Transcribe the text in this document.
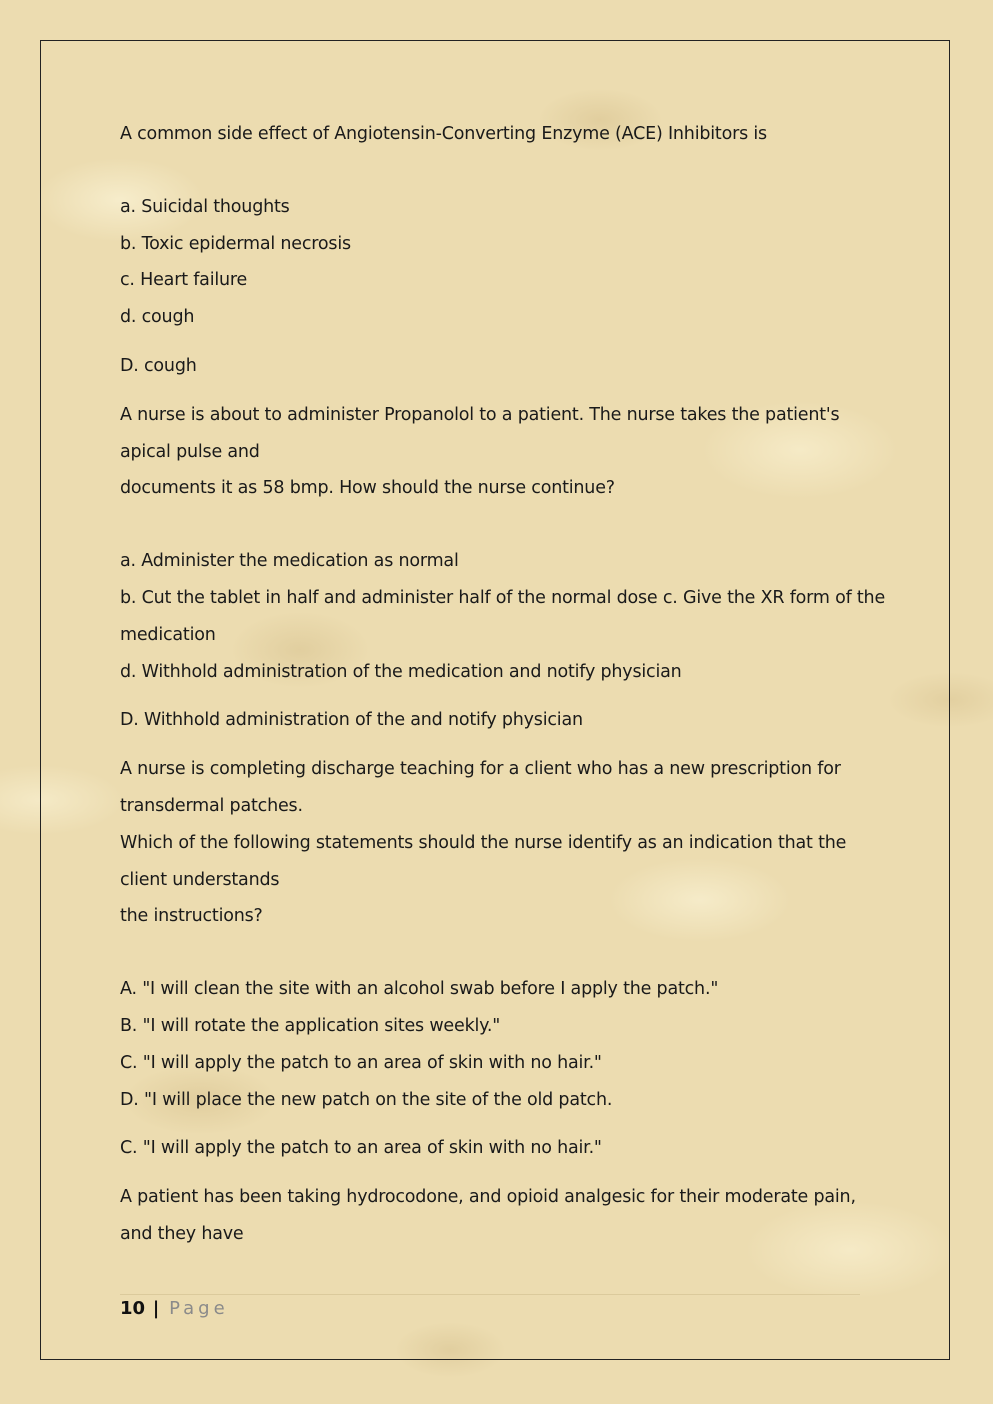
A common side effect of Angiotensin-Converting Enzyme (ACE) Inhibitors is
a. Suicidal thoughts
b. Toxic epidermal necrosis
c. Heart failure
d. cough
D. cough
A nurse is about to administer Propanolol to a patient. The nurse takes the patient's
apical pulse and
documents it as 58 bmp. How should the nurse continue?
a. Administer the medication as normal
b. Cut the tablet in half and administer half of the normal dose c. Give the XR form of the
medication
d. Withhold administration of the medication and notify physician
D. Withhold administration of the and notify physician
A nurse is completing discharge teaching for a client who has a new prescription for
transdermal patches.
Which of the following statements should the nurse identify as an indication that the
client understands
the instructions?
A. "I will clean the site with an alcohol swab before I apply the patch."
B. "I will rotate the application sites weekly."
C. "I will apply the patch to an area of skin with no hair."
D. "I will place the new patch on the site of the old patch.
C. "I will apply the patch to an area of skin with no hair."
A patient has been taking hydrocodone, and opioid analgesic for their moderate pain,
and they have
10 | Page
